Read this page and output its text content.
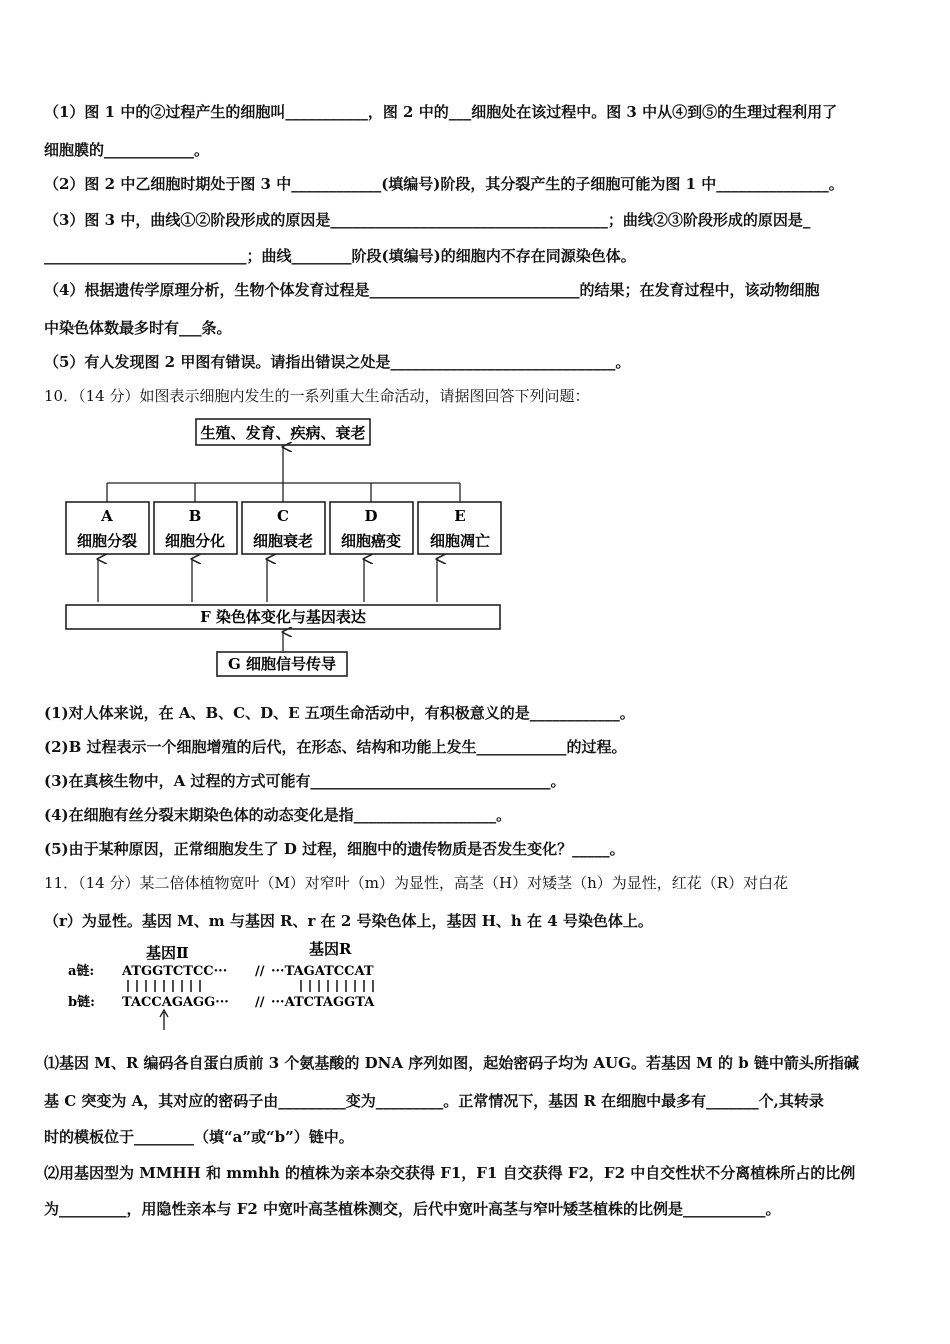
（1）图 1 中的②过程产生的细胞叫___________，图 2 中的___细胞处在该过程中。图 3 中从④到⑤的生理过程利用了
细胞膜的____________。
（2）图 2 中乙细胞时期处于图 3 中____________(填编号)阶段，其分裂产生的子细胞可能为图 1 中_______________。
（3）图 3 中，曲线①②阶段形成的原因是_____________________________________；曲线②③阶段形成的原因是_
___________________________；曲线________阶段(填编号)的细胞内不存在同源染色体。
（4）根据遗传学原理分析，生物个体发育过程是____________________________的结果；在发育过程中，该动物细胞
中染色体数最多时有___条。
（5）有人发现图 2 甲图有错误。请指出错误之处是______________________________。
10．（14 分）如图表示细胞内发生的一系列重大生命活动，请据图回答下列问题：
生殖、发育、疾病、衰老
A
细胞分裂
B
细胞分化
C
细胞衰老
D
细胞癌变
E
细胞凋亡
F 染色体变化与基因表达
G 细胞信号传导
(1)对人体来说，在 A、B、C、D、E 五项生命活动中，有积极意义的是____________。
(2)B 过程表示一个细胞增殖的后代，在形态、结构和功能上发生____________的过程。
(3)在真核生物中，A 过程的方式可能有________________________________。
(4)在细胞有丝分裂末期染色体的动态变化是指___________________。
(5)由于某种原因，正常细胞发生了 D 过程，细胞中的遗传物质是否发生变化？_____。
11．（14 分）某二倍体植物宽叶（M）对窄叶（m）为显性，高茎（H）对矮茎（h）为显性，红花（R）对白花
（r）为显性。基因 M、m 与基因 R、r 在 2 号染色体上，基因 H、h 在 4 号染色体上。
基因Ⅱ	基因R
a链: ATGGTCTCC··· // ···TAGATCCAT
b链: TACCAGAGG··· // ···ATCTAGGTA
⑴基因 M、R 编码各自蛋白质前 3 个氨基酸的 DNA 序列如图，起始密码子均为 AUG。若基因 M 的 b 链中箭头所指碱
基 C 突变为 A，其对应的密码子由_________变为_________。正常情况下，基因 R 在细胞中最多有_______个,其转录
时的模板位于________（填“a”或“b”）链中。
⑵用基因型为 MMHH 和 mmhh 的植株为亲本杂交获得 F1，F1 自交获得 F2，F2 中自交性状不分离植株所占的比例
为_________，用隐性亲本与 F2 中宽叶高茎植株测交，后代中宽叶高茎与窄叶矮茎植株的比例是___________。
